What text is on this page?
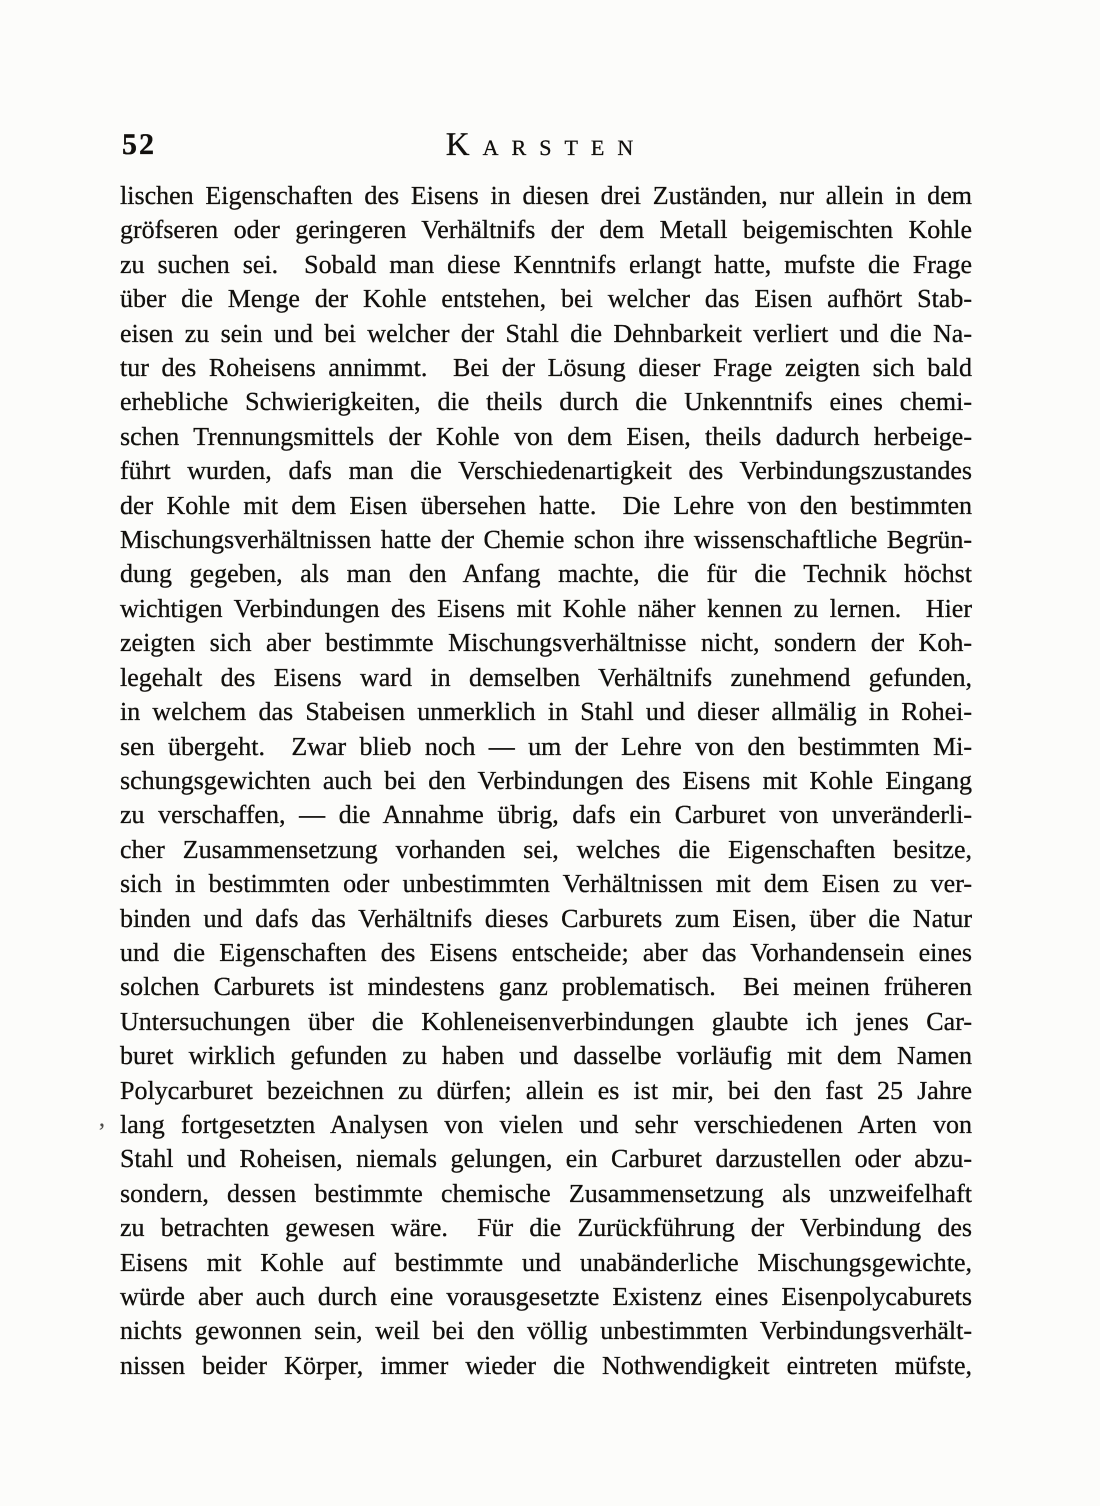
52	KARSTEN
,
lischen Eigenschaften des Eisens in diesen drei Zuständen, nur allein in dem
gröfseren oder geringeren Verhältnifs der dem Metall beigemischten Kohle
zu suchen sei.  Sobald man diese Kenntnifs erlangt hatte, mufste die Frage
über die Menge der Kohle entstehen, bei welcher das Eisen aufhört Stab-
eisen zu sein und bei welcher der Stahl die Dehnbarkeit verliert und die Na-
tur des Roheisens annimmt.  Bei der Lösung dieser Frage zeigten sich bald
erhebliche Schwierigkeiten, die theils durch die Unkenntnifs eines chemi-
schen Trennungsmittels der Kohle von dem Eisen, theils dadurch herbeige-
führt wurden, dafs man die Verschiedenartigkeit des Verbindungszustandes
der Kohle mit dem Eisen übersehen hatte.  Die Lehre von den bestimmten
Mischungsverhältnissen hatte der Chemie schon ihre wissenschaftliche Begrün-
dung gegeben, als man den Anfang machte, die für die Technik höchst
wichtigen Verbindungen des Eisens mit Kohle näher kennen zu lernen.  Hier
zeigten sich aber bestimmte Mischungsverhältnisse nicht, sondern der Koh-
legehalt des Eisens ward in demselben Verhältnifs zunehmend gefunden,
in welchem das Stabeisen unmerklich in Stahl und dieser allmälig in Rohei-
sen übergeht.  Zwar blieb noch — um der Lehre von den bestimmten Mi-
schungsgewichten auch bei den Verbindungen des Eisens mit Kohle Eingang
zu verschaffen, — die Annahme übrig, dafs ein Carburet von unveränderli-
cher Zusammensetzung vorhanden sei, welches die Eigenschaften besitze,
sich in bestimmten oder unbestimmten Verhältnissen mit dem Eisen zu ver-
binden und dafs das Verhältnifs dieses Carburets zum Eisen, über die Natur
und die Eigenschaften des Eisens entscheide; aber das Vorhandensein eines
solchen Carburets ist mindestens ganz problematisch.  Bei meinen früheren
Untersuchungen über die Kohleneisenverbindungen glaubte ich jenes Car-
buret wirklich gefunden zu haben und dasselbe vorläufig mit dem Namen
Polycarburet bezeichnen zu dürfen; allein es ist mir, bei den fast 25 Jahre
lang fortgesetzten Analysen von vielen und sehr verschiedenen Arten von
Stahl und Roheisen, niemals gelungen, ein Carburet darzustellen oder abzu-
sondern, dessen bestimmte chemische Zusammensetzung als unzweifelhaft
zu betrachten gewesen wäre.  Für die Zurückführung der Verbindung des
Eisens mit Kohle auf bestimmte und unabänderliche Mischungsgewichte,
würde aber auch durch eine vorausgesetzte Existenz eines Eisenpolycaburets
nichts gewonnen sein, weil bei den völlig unbestimmten Verbindungsverhält-
nissen beider Körper, immer wieder die Nothwendigkeit eintreten müfste,
